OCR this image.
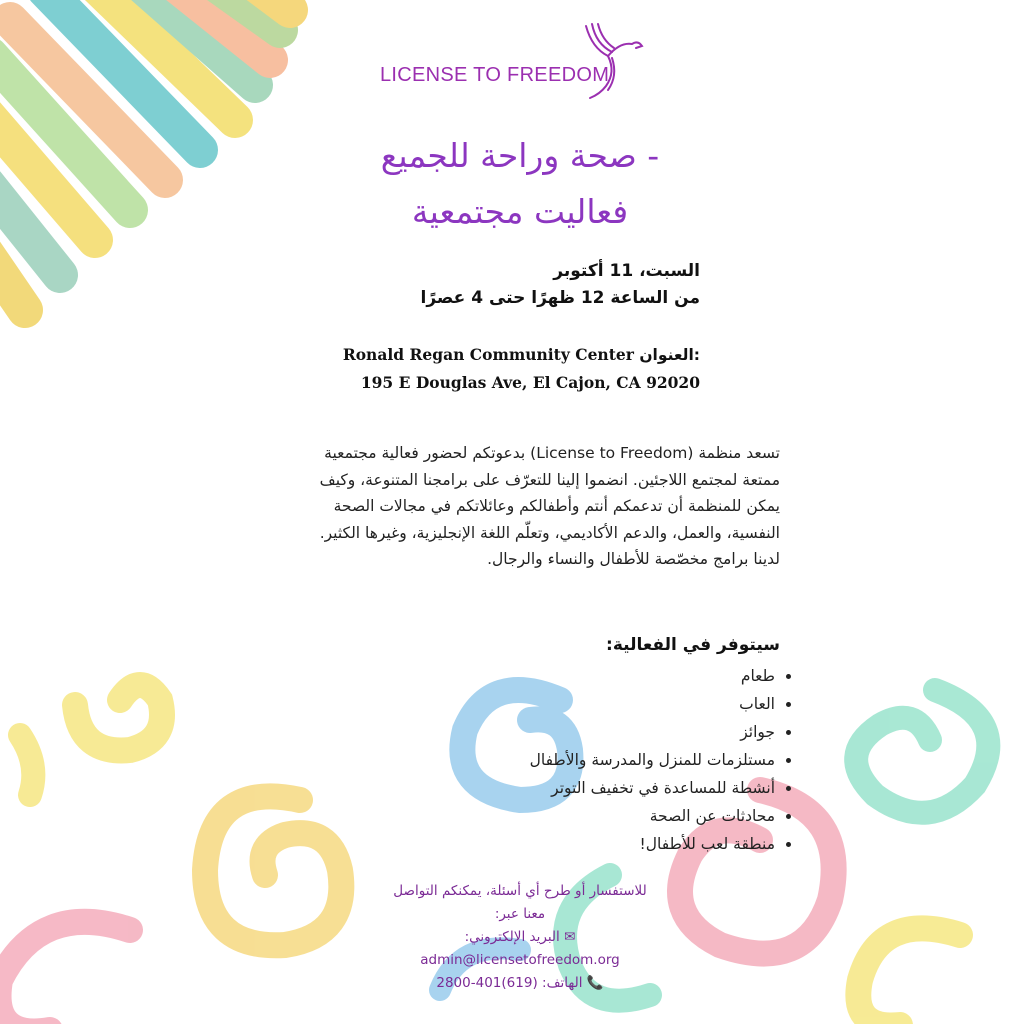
LICENSE TO FREEDOM
- صحة وراحة للجميع
فعاليت مجتمعية
السبت، 11 أكتوبر
من الساعة 12 ظهرًا حتى 4 عصرًا
Ronald Regan Community Center العنوان:
195 E Douglas Ave, El Cajon, CA 92020
تسعد منظمة (License to Freedom) بدعوتكم لحضور فعالية مجتمعية ممتعة لمجتمع اللاجئين. انضموا إلينا للتعرّف على برامجنا المتنوعة، وكيف يمكن للمنظمة أن تدعمكم أنتم وأطفالكم وعائلاتكم في مجالات الصحة النفسية، والعمل، والدعم الأكاديمي، وتعلّم اللغة الإنجليزية، وغيرها الكثير. لدينا برامج مخصّصة للأطفال والنساء والرجال.
سيتوفر في الفعالية:
• طعام
• العاب
• جوائز
• مستلزمات للمنزل والمدرسة والأطفال
• أنشطة للمساعدة في تخفيف التوتر
• محادثات عن الصحة
• منطقة لعب للأطفال!
للاستفسار أو طرح أي أسئلة، يمكنكم التواصل
معنا عبر:
✉ البريد الإلكتروني:
admin@licensetofreedom.org
📞 الهاتف: (619)401-2800
